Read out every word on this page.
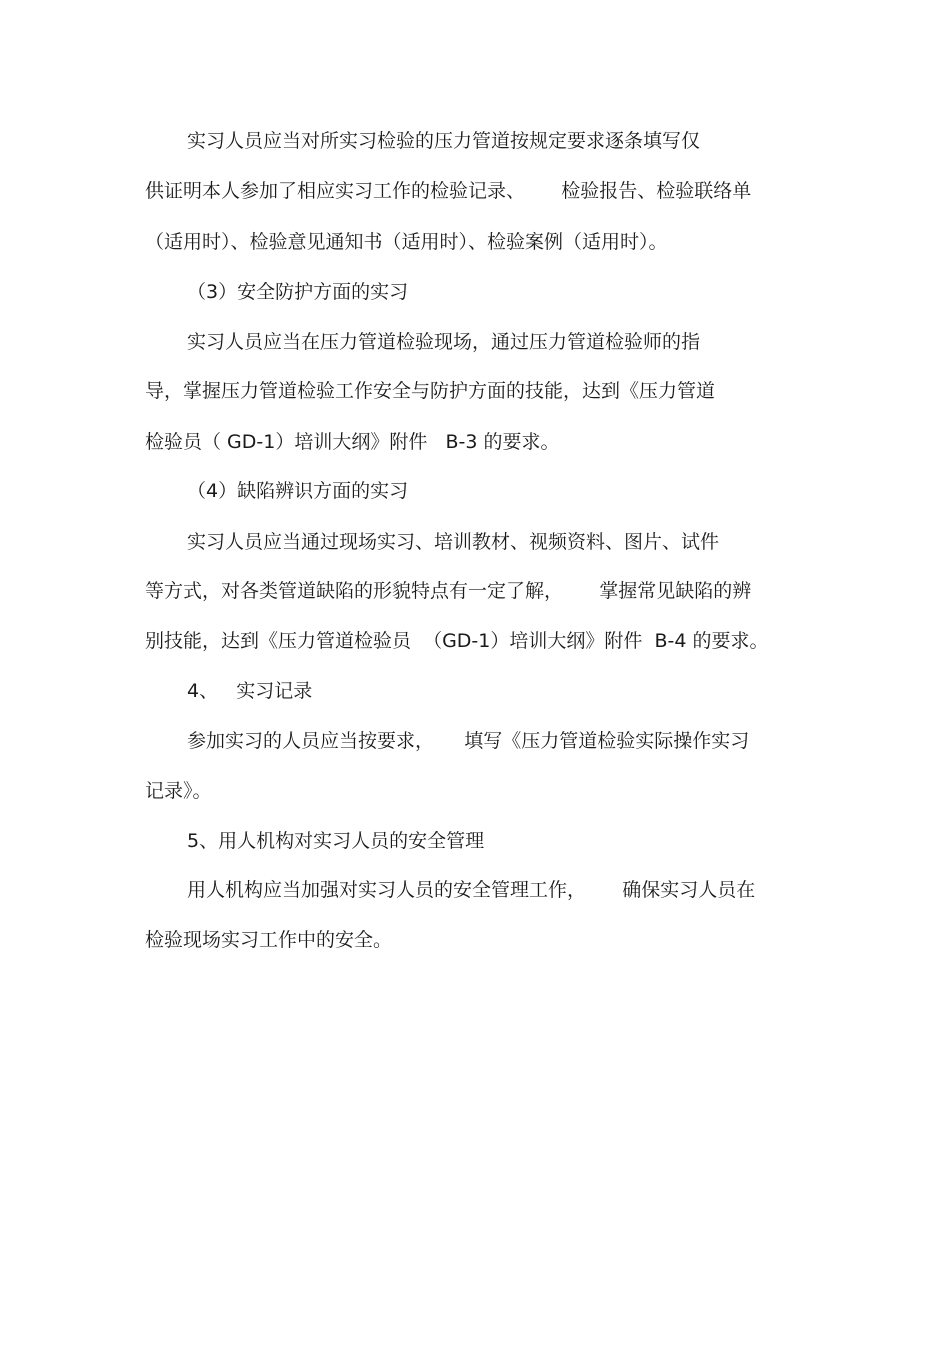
实习人员应当对所实习检验的压力管道按规定要求逐条填写仅
供证明本人参加了相应实习工作的检验记录、      检验报告、检验联络单
（适用时）、检验意见通知书（适用时）、检验案例（适用时）。
（3）安全防护方面的实习
实习人员应当在压力管道检验现场，通过压力管道检验师的指
导，掌握压力管道检验工作安全与防护方面的技能，达到《压力管道
检验员（ GD-1）培训大纲》附件   B-3 的要求。
（4）缺陷辨识方面的实习
实习人员应当通过现场实习、培训教材、视频资料、图片、试件
等方式，对各类管道缺陷的形貌特点有一定了解，      掌握常见缺陷的辨
别技能，达到《压力管道检验员  （GD-1）培训大纲》附件  B-4 的要求。
4、   实习记录
参加实习的人员应当按要求，     填写《压力管道检验实际操作实习
记录》。
5、用人机构对实习人员的安全管理
用人机构应当加强对实习人员的安全管理工作，      确保实习人员在
检验现场实习工作中的安全。
